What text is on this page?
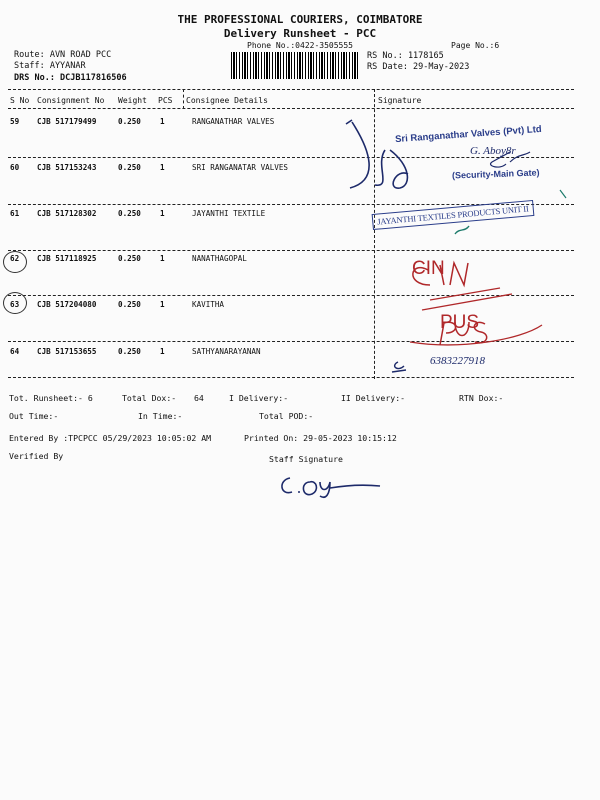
THE PROFESSIONAL COURIERS, COIMBATORE
Delivery Runsheet - PCC
Phone No.:0422-3505555	Page No.:6
Route: AVN ROAD PCC
Staff: AYYANAR
DRS No.: DCJB117816506
RS No.: 1178165
RS Date: 29-May-2023
S No Consignment No Weight PCS Consignee Details	Signature
59 CJB 517179499	0.250	1	RANGANATHAR VALVES
60 CJB 517153243	0.250	1	SRI RANGANATAR VALVES
61 CJB 517128302	0.250	1	JAYANTHI TEXTILE
62 CJB 517118925	0.250	1	NANATHAGOPAL
63 CJB 517204080	0.250	1	KAVITHA
64 CJB 517153655	0.250	1	SATHYANARAYANAN
Sri Ranganathar Valves (Pvt) Ltd
G. Aboy8r
(Security-Main Gate)
JAYANTHI TEXTILES PRODUCTS UNIT II
CIN
PUS
6383227918
Tot. Runsheet:- 6	Total Dox:- 64	I Delivery:-	II Delivery:-	RTN Dox:-
Out Time:-	In Time:-	Total POD:-
Entered By :TPCPCC 05/29/2023 10:05:02 AM	Printed On: 29-05-2023 10:15:12
Verified By	Staff Signature
